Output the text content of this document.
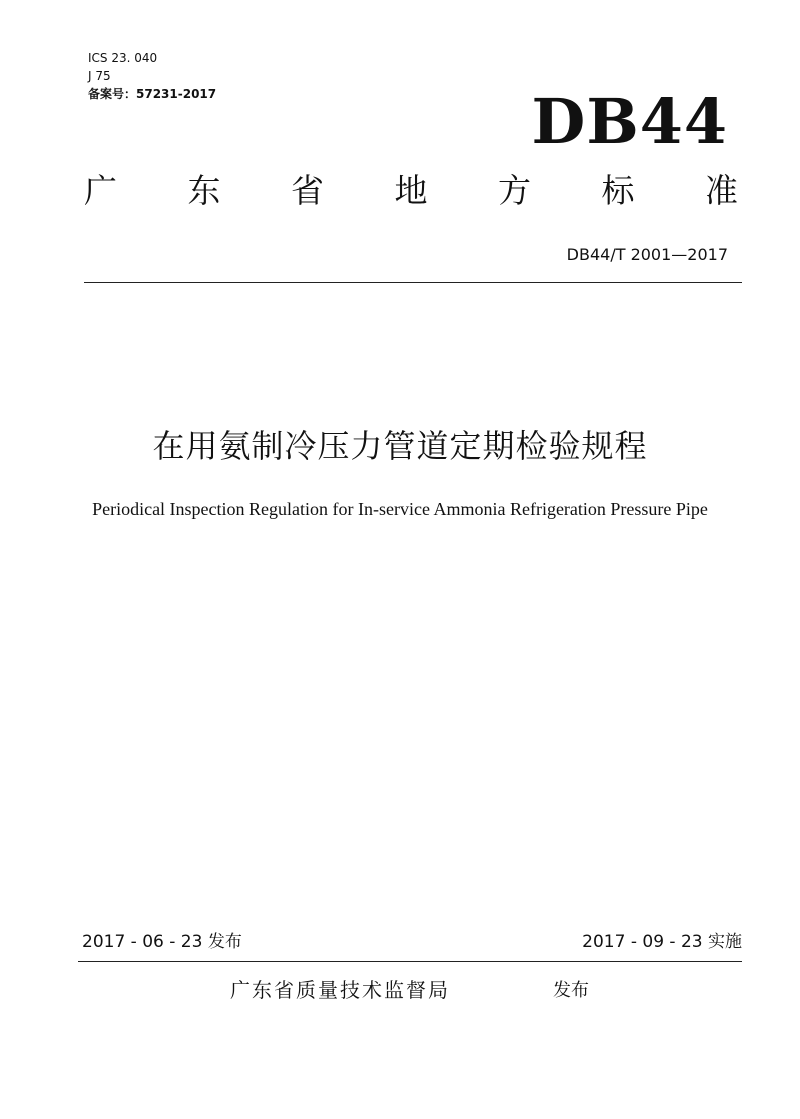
ICS 23. 040
J 75
备案号：57231-2017	DB44
广 东 省 地 方 标 准
DB44/T 2001—2017
在用氨制冷压力管道定期检验规程
Periodical Inspection Regulation for In-service Ammonia Refrigeration Pressure Pipe
2017 - 06 - 23 发布	2017 - 09 - 23 实施
广东省质量技术监督局	发布
